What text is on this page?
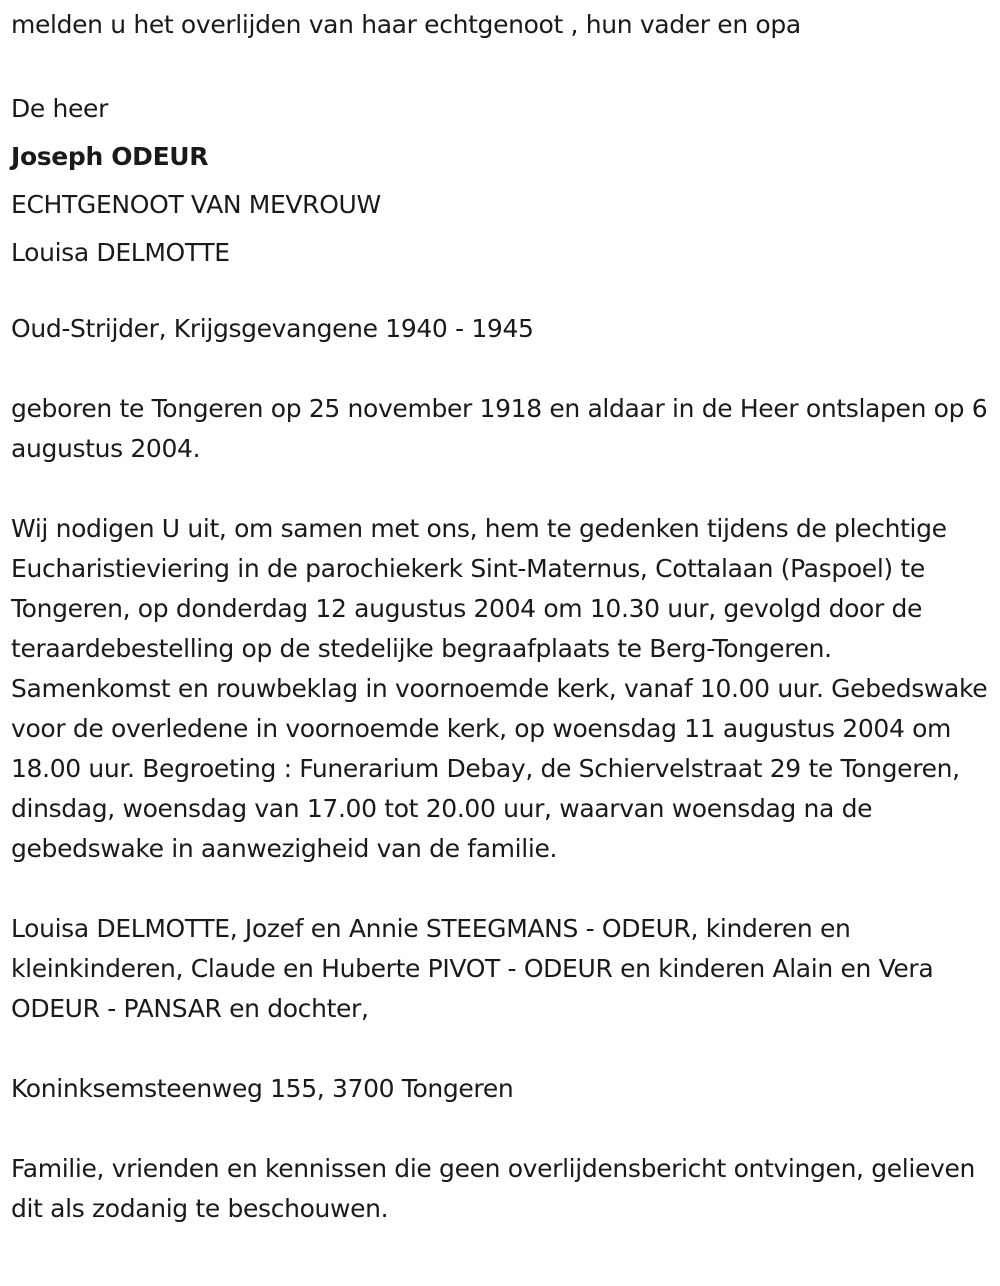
melden u het overlijden van haar echtgenoot , hun vader en opa

De heer

Joseph ODEUR

ECHTGENOOT VAN MEVROUW

Louisa DELMOTTE

Oud-Strijder, Krijgsgevangene 1940 - 1945

geboren te Tongeren op 25 november 1918 en aldaar in de Heer ontslapen op 6 augustus 2004.

Wij nodigen U uit, om samen met ons, hem te gedenken tijdens de plechtige Eucharistieviering in de parochiekerk Sint-Maternus, Cottalaan (Paspoel) te Tongeren, op donderdag 12 augustus 2004 om 10.30 uur, gevolgd door de teraardebestelling op de stedelijke begraafplaats te Berg-Tongeren. Samenkomst en rouwbeklag in voornoemde kerk, vanaf 10.00 uur. Gebedswake voor de overledene in voornoemde kerk, op woensdag 11 augustus 2004 om 18.00 uur. Begroeting : Funerarium Debay, de Schiervelstraat 29 te Tongeren, dinsdag, woensdag van 17.00 tot 20.00 uur, waarvan woensdag na de gebedswake in aanwezigheid van de familie.

Louisa DELMOTTE, Jozef en Annie STEEGMANS - ODEUR, kinderen en kleinkinderen, Claude en Huberte PIVOT - ODEUR en kinderen Alain en Vera ODEUR - PANSAR en dochter,

Koninksemsteenweg 155, 3700 Tongeren

Familie, vrienden en kennissen die geen overlijdensbericht ontvingen, gelieven dit als zodanig te beschouwen.
